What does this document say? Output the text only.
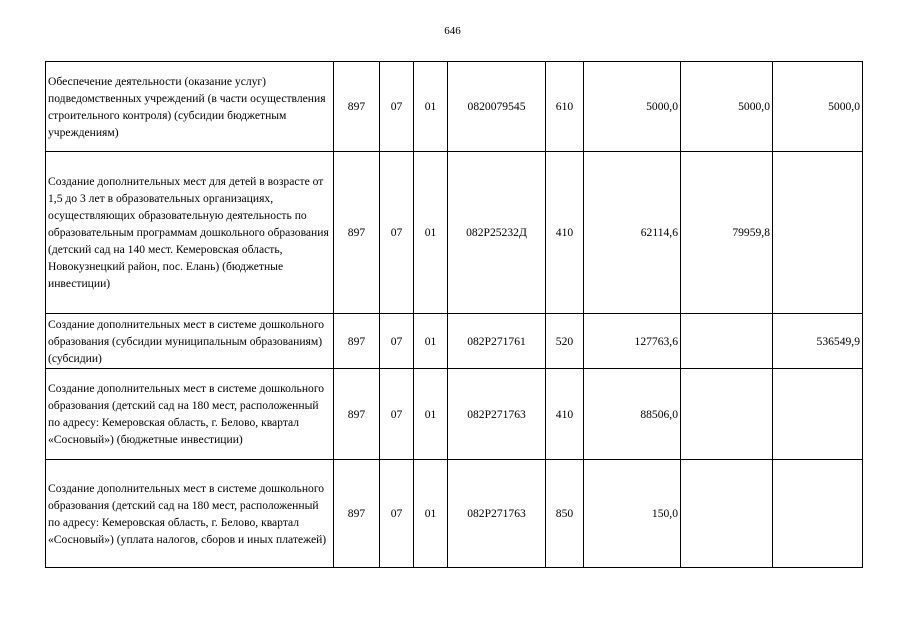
646
Обеспечение деятельности (оказание услуг) подведомственных учреждений (в части осуществления строительного контроля) (субсидии бюджетным учреждениям)	897	07	01	0820079545	610	5000,0	5000,0	5000,0
Создание дополнительных мест для детей в возрасте от 1,5 до 3 лет в образовательных организациях, осуществляющих образовательную деятельность по образовательным программам дошкольного образования (детский сад на 140 мест. Кемеровская область, Новокузнецкий район, пос. Елань) (бюджетные инвестиции)	897	07	01	082P25232Д	410	62114,6	79959,8	
Создание дополнительных мест в системе дошкольного образования (субсидии муниципальным образованиям) (субсидии)	897	07	01	082P271761	520	127763,6		536549,9
Создание дополнительных мест в системе дошкольного образования (детский сад на 180 мест, расположенный по адресу: Кемеровская область, г. Белово, квартал «Сосновый») (бюджетные инвестиции)	897	07	01	082P271763	410	88506,0		
Создание дополнительных мест в системе дошкольного образования (детский сад на 180 мест, расположенный по адресу: Кемеровская область, г. Белово, квартал «Сосновый») (уплата налогов, сборов и иных платежей)	897	07	01	082P271763	850	150,0		
